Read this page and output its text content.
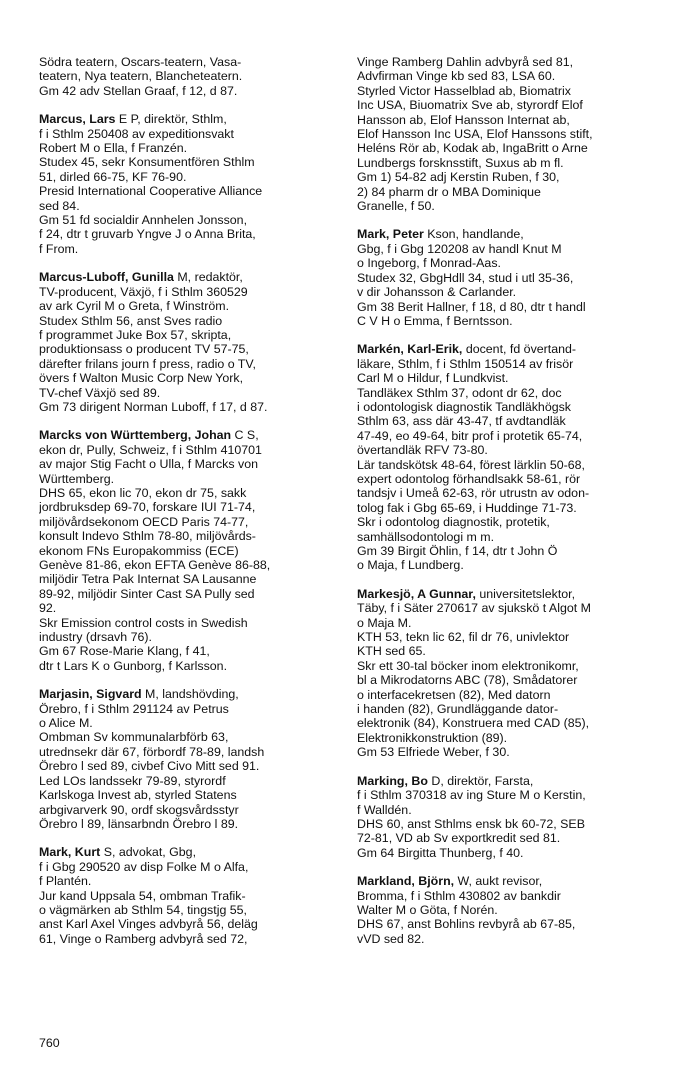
Södra teatern, Oscars-teatern, Vasa-
teatern, Nya teatern, Blancheteatern.
Gm 42 adv Stellan Graaf, f 12, d 87.
Marcus, Lars E P, direktör, Sthlm,
f i Sthlm 250408 av expeditionsvakt
Robert M o Ella, f Franzén.
Studex 45, sekr Konsumentfören Sthlm
51, dirled 66-75, KF 76-90.
Presid International Cooperative Alliance
sed 84.
Gm 51 fd socialdir Annhelen Jonsson,
f 24, dtr t gruvarb Yngve J o Anna Brita,
f From.
Marcus-Luboff, Gunilla M, redaktör,
TV-producent, Växjö, f i Sthlm 360529
av ark Cyril M o Greta, f Winström.
Studex Sthlm 56, anst Sves radio
f programmet Juke Box 57, skripta,
produktionsass o producent TV 57-75,
därefter frilans journ f press, radio o TV,
övers f Walton Music Corp New York,
TV-chef Växjö sed 89.
Gm 73 dirigent Norman Luboff, f 17, d 87.
Marcks von Württemberg, Johan C S,
ekon dr, Pully, Schweiz, f i Sthlm 410701
av major Stig Facht o Ulla, f Marcks von
Württemberg.
DHS 65, ekon lic 70, ekon dr 75, sakk
jordbruksdep 69-70, forskare IUI 71-74,
miljövårdsekonom OECD Paris 74-77,
konsult Indevo Sthlm 78-80, miljövårds-
ekonom FNs Europakommiss (ECE)
Genève 81-86, ekon EFTA Genève 86-88,
miljödir Tetra Pak Internat SA Lausanne
89-92, miljödir Sinter Cast SA Pully sed
92.
Skr Emission control costs in Swedish
industry (drsavh 76).
Gm 67 Rose-Marie Klang, f 41,
dtr t Lars K o Gunborg, f Karlsson.
Marjasin, Sigvard M, landshövding,
Örebro, f i Sthlm 291124 av Petrus
o Alice M.
Ombman Sv kommunalarbförb 63,
utrednsekr där 67, förbordf 78-89, landsh
Örebro l sed 89, civbef Civo Mitt sed 91.
Led LOs landssekr 79-89, styrordf
Karlskoga Invest ab, styrled Statens
arbgivarverk 90, ordf skogsvårdsstyr
Örebro l 89, länsarbndn Örebro l 89.
Mark, Kurt S, advokat, Gbg,
f i Gbg 290520 av disp Folke M o Alfa,
f Plantén.
Jur kand Uppsala 54, ombman Trafik-
o vägmärken ab Sthlm 54, tingstjg 55,
anst Karl Axel Vinges advbyrå 56, deläg
61, Vinge o Ramberg advbyrå sed 72,
Vinge Ramberg Dahlin advbyrå sed 81,
Advfirman Vinge kb sed 83, LSA 60.
Styrled Victor Hasselblad ab, Biomatrix
Inc USA, Biuomatrix Sve ab, styrordf Elof
Hansson ab, Elof Hansson Internat ab,
Elof Hansson Inc USA, Elof Hanssons stift,
Heléns Rör ab, Kodak ab, IngaBritt o Arne
Lundbergs forsknsstift, Suxus ab m fl.
Gm 1) 54-82 adj Kerstin Ruben, f 30,
2) 84 pharm dr o MBA Dominique
Granelle, f 50.
Mark, Peter Kson, handlande,
Gbg, f i Gbg 120208 av handl Knut M
o Ingeborg, f Monrad-Aas.
Studex 32, GbgHdll 34, stud i utl 35-36,
v dir Johansson & Carlander.
Gm 38 Berit Hallner, f 18, d 80, dtr t handl
C V H o Emma, f Berntsson.
Markén, Karl-Erik, docent, fd övertand-
läkare, Sthlm, f i Sthlm 150514 av frisör
Carl M o Hildur, f Lundkvist.
Tandläkex Sthlm 37, odont dr 62, doc
i odontologisk diagnostik Tandläkhögsk
Sthlm 63, ass där 43-47, tf avdtandläk
47-49, eo 49-64, bitr prof i protetik 65-74,
övertandläk RFV 73-80.
Lär tandskötsk 48-64, förest lärklin 50-68,
expert odontolog förhandlsakk 58-61, rör
tandsjv i Umeå 62-63, rör utrustn av odon-
tolog fak i Gbg 65-69, i Huddinge 71-73.
Skr i odontolog diagnostik, protetik,
samhällsodontologi m m.
Gm 39 Birgit Öhlin, f 14, dtr t John Ö
o Maja, f Lundberg.
Markesjö, A Gunnar, universitetslektor,
Täby, f i Säter 270617 av sjukskö t Algot M
o Maja M.
KTH 53, tekn lic 62, fil dr 76, univlektor
KTH sed 65.
Skr ett 30-tal böcker inom elektronikomr,
bl a Mikrodatorns ABC (78), Smådatorer
o interfacekretsen (82), Med datorn
i handen (82), Grundläggande dator-
elektronik (84), Konstruera med CAD (85),
Elektronikkonstruktion (89).
Gm 53 Elfriede Weber, f 30.
Marking, Bo D, direktör, Farsta,
f i Sthlm 370318 av ing Sture M o Kerstin,
f Walldén.
DHS 60, anst Sthlms ensk bk 60-72, SEB
72-81, VD ab Sv exportkredit sed 81.
Gm 64 Birgitta Thunberg, f 40.
Markland, Björn, W, aukt revisor,
Bromma, f i Sthlm 430802 av bankdir
Walter M o Göta, f Norén.
DHS 67, anst Bohlins revbyrå ab 67-85,
vVD sed 82.
760
